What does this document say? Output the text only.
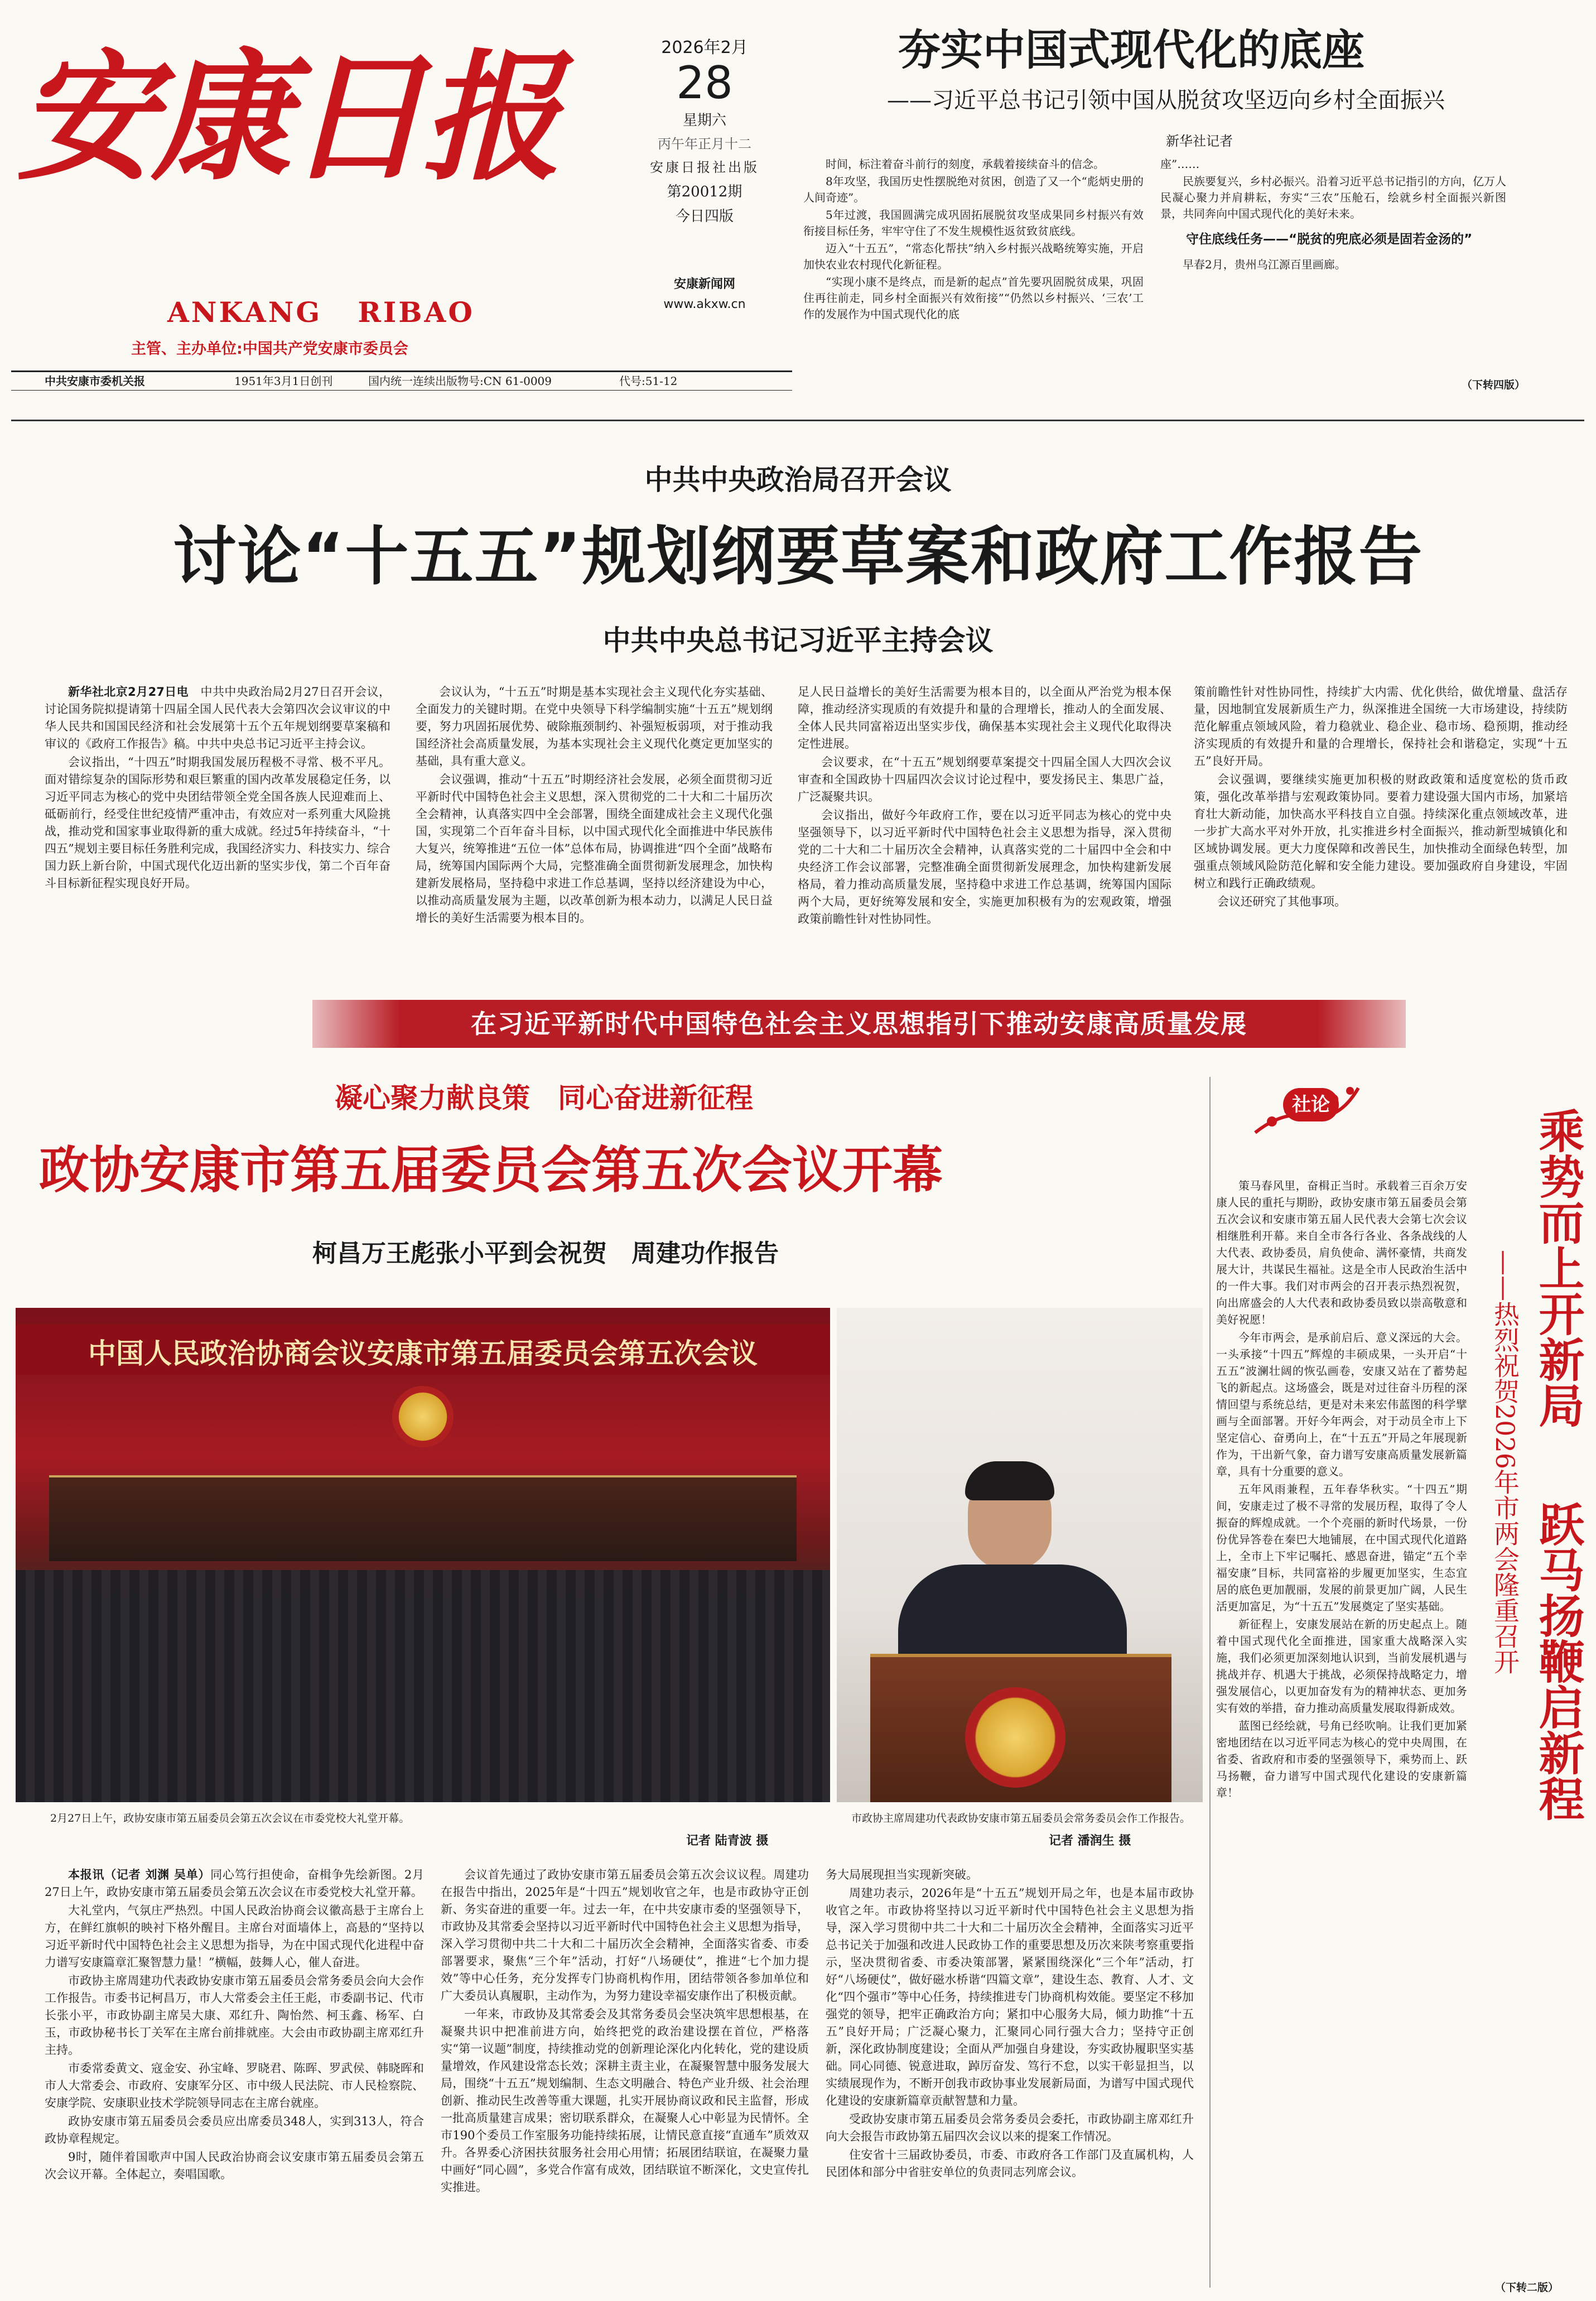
安康日报
ANKANG   RIBAO
主管、主办单位:中国共产党安康市委员会
2026年2月
28
星期六
丙午年正月十二
安康日报社出版
第20012期
今日四版
安康新闻网
www.akxw.cn
中共安康市委机关报	1951年3月1日创刊	国内统一连续出版物号:CN 61-0009	代号:51-12
夯实中国式现代化的底座
——习近平总书记引领中国从脱贫攻坚迈向乡村全面振兴
新华社记者

时间，标注着奋斗前行的刻度，承载着接续奋斗的信念。

8年攻坚，我国历史性摆脱绝对贫困，创造了又一个“彪炳史册的人间奇迹”。

5年过渡，我国圆满完成巩固拓展脱贫攻坚成果同乡村振兴有效衔接目标任务，牢牢守住了不发生规模性返贫致贫底线。

迈入“十五五”，“常态化帮扶”纳入乡村振兴战略统筹实施，开启加快农业农村现代化新征程。

“实现小康不是终点，而是新的起点”首先要巩固脱贫成果，巩固住再往前走，同乡村全面振兴有效衔接”“仍然以乡村振兴、‘三农’工作的发展作为中国式现代化的底

座”……

民族要复兴，乡村必振兴。沿着习近平总书记指引的方向，亿万人民凝心聚力并肩耕耘，夯实“三农”压舱石，绘就乡村全面振兴新图景，共同奔向中国式现代化的美好未来。

守住底线任务——“脱贫的兜底必须是固若金汤的”

早春2月，贵州乌江源百里画廊。

（下转四版）
中共中央政治局召开会议
讨论“十五五”规划纲要草案和政府工作报告
中共中央总书记习近平主持会议

新华社北京2月27日电　 中共中央政治局2月27日召开会议，讨论国务院拟提请第十四届全国人民代表大会第四次会议审议的中华人民共和国国民经济和社会发展第十五个五年规划纲要草案稿和审议的《政府工作报告》稿。中共中央总书记习近平主持会议。

会议指出，“十四五”时期我国发展历程极不寻常、极不平凡。面对错综复杂的国际形势和艰巨繁重的国内改革发展稳定任务，以习近平同志为核心的党中央团结带领全党全国各族人民迎难而上、砥砺前行，经受住世纪疫情严重冲击，有效应对一系列重大风险挑战，推动党和国家事业取得新的重大成就。经过5年持续奋斗，“十四五”规划主要目标任务胜利完成，我国经济实力、科技实力、综合国力跃上新台阶，中国式现代化迈出新的坚实步伐，第二个百年奋斗目标新征程实现良好开局。

会议认为，“十五五”时期是基本实现社会主义现代化夯实基础、全面发力的关键时期。在党中央领导下科学编制实施“十五五”规划纲要，努力巩固拓展优势、破除瓶颈制约、补强短板弱项，对于推动我国经济社会高质量发展，为基本实现社会主义现代化奠定更加坚实的基础，具有重大意义。

会议强调，推动“十五五”时期经济社会发展，必须全面贯彻习近平新时代中国特色社会主义思想，深入贯彻党的二十大和二十届历次全会精神，认真落实四中全会部署，围绕全面建成社会主义现代化强国，实现第二个百年奋斗目标，以中国式现代化全面推进中华民族伟大复兴，统筹推进“五位一体”总体布局，协调推进“四个全面”战略布局，统筹国内国际两个大局，完整准确全面贯彻新发展理念，加快构建新发展格局，坚持稳中求进工作总基调，坚持以经济建设为中心，以推动高质量发展为主题，以改革创新为根本动力，以满足人民日益增长的美好生活需要为根本目的。

足人民日益增长的美好生活需要为根本目的，以全面从严治党为根本保障，推动经济实现质的有效提升和量的合理增长，推动人的全面发展、全体人民共同富裕迈出坚实步伐，确保基本实现社会主义现代化取得决定性进展。

会议要求，在“十五五”规划纲要草案提交十四届全国人大四次会议审查和全国政协十四届四次会议讨论过程中，要发扬民主、集思广益，广泛凝聚共识。

会议指出，做好今年政府工作，要在以习近平同志为核心的党中央坚强领导下，以习近平新时代中国特色社会主义思想为指导，深入贯彻党的二十大和二十届历次全会精神，认真落实党的二十届四中全会和中央经济工作会议部署，完整准确全面贯彻新发展理念，加快构建新发展格局，着力推动高质量发展，坚持稳中求进工作总基调，统筹国内国际两个大局，更好统筹发展和安全，实施更加积极有为的宏观政策，增强政策前瞻性针对性协同性。

策前瞻性针对性协同性，持续扩大内需、优化供给，做优增量、盘活存量，因地制宜发展新质生产力，纵深推进全国统一大市场建设，持续防范化解重点领域风险，着力稳就业、稳企业、稳市场、稳预期，推动经济实现质的有效提升和量的合理增长，保持社会和谐稳定，实现“十五五”良好开局。

会议强调，要继续实施更加积极的财政政策和适度宽松的货币政策，强化改革举措与宏观政策协同。要着力建设强大国内市场，加紧培育壮大新动能，加快高水平科技自立自强。持续深化重点领域改革，进一步扩大高水平对外开放，扎实推进乡村全面振兴，推动新型城镇化和区域协调发展。更大力度保障和改善民生，加快推动全面绿色转型，加强重点领域风险防范化解和安全能力建设。要加强政府自身建设，牢固树立和践行正确政绩观。

会议还研究了其他事项。

在习近平新时代中国特色社会主义思想指引下推动安康高质量发展
凝心聚力献良策　同心奋进新征程
政协安康市第五届委员会第五次会议开幕
柯昌万王彪张小平到会祝贺　周建功作报告
中国人民政治协商会议安康市第五届委员会第五次会议
2月27日上午，政协安康市第五届委员会第五次会议在市委党校大礼堂开幕。
记者 陆青波 摄
市政协主席周建功代表政协安康市第五届委员会常务委员会作工作报告。
记者 潘润生 摄

本报讯（记者 刘渊 吴单）同心笃行担使命，奋楫争先绘新图。2月27日上午，政协安康市第五届委员会第五次会议在市委党校大礼堂开幕。

大礼堂内，气氛庄严热烈。中国人民政治协商会议徽高悬于主席台上方，在鲜红旗帜的映衬下格外醒目。主席台对面墙体上，高悬的“坚持以习近平新时代中国特色社会主义思想为指导，为在中国式现代化进程中奋力谱写安康篇章汇聚智慧力量！”横幅，鼓舞人心，催人奋进。

市政协主席周建功代表政协安康市第五届委员会常务委员会向大会作工作报告。市委书记柯昌万，市人大常委会主任王彪，市委副书记、代市长张小平，市政协副主席吴大康、邓红升、陶怡然、柯玉鑫、杨军、白玉，市政协秘书长丁关军在主席台前排就座。大会由市政协副主席邓红升主持。

市委常委黄文、寇金安、孙宝峰、罗晓君、陈晖、罗武侯、韩晓晖和市人大常委会、市政府、安康军分区、市中级人民法院、市人民检察院、安康学院、安康职业技术学院领导同志在主席台就座。

政协安康市第五届委员会委员应出席委员348人，实到313人，符合政协章程规定。

9时，随伴着国歌声中国人民政治协商会议安康市第五届委员会第五次会议开幕。全体起立，奏唱国歌。

会议首先通过了政协安康市第五届委员会第五次会议议程。周建功在报告中指出，2025年是“十四五”规划收官之年，也是市政协守正创新、务实奋进的重要一年。过去一年，在中共安康市委的坚强领导下，市政协及其常委会坚持以习近平新时代中国特色社会主义思想为指导，深入学习贯彻中共二十大和二十届历次全会精神，全面落实省委、市委部署要求，聚焦“三个年”活动，打好“八场硬仗”，推进“七个加力提效”等中心任务，充分发挥专门协商机构作用，团结带领各参加单位和广大委员认真履职，主动作为，为努力建设幸福安康作出了积极贡献。

一年来，市政协及其常委会及其常务委员会坚决筑牢思想根基，在凝聚共识中把准前进方向，始终把党的政治建设摆在首位，严格落实“第一议题”制度，持续推动党的创新理论深化内化转化，党的建设质量增效，作风建设常态长效；深耕主责主业，在凝聚智慧中服务发展大局，围绕“十五五”规划编制、生态文明融合、特色产业升级、社会治理创新、推动民生改善等重大课题，扎实开展协商议政和民主监督，形成一批高质量建言成果；密切联系群众，在凝聚人心中彰显为民情怀。全市190个委员工作室服务功能持续拓展，让情民意直接“直通车”质效双升。各界委心济困扶贫服务社会用心用情；拓展团结联谊，在凝聚力量中画好“同心圆”，多党合作富有成效，团结联谊不断深化，文史宣传扎实推进。

务大局展现担当实现新突破。

周建功表示，2026年是“十五五”规划开局之年，也是本届市政协收官之年。市政协将坚持以习近平新时代中国特色社会主义思想为指导，深入学习贯彻中共二十大和二十届历次全会精神，全面落实习近平总书记关于加强和改进人民政协工作的重要思想及历次来陕考察重要指示，坚决贯彻省委、市委决策部署，紧紧围绕深化“三个年”活动，打好“八场硬仗”，做好磁水桥谐“四篇文章”，建设生态、教育、人才、文化“四个强市”等中心任务，持续推进专门协商机构效能。要坚定不移加强党的领导，把牢正确政治方向；紧扣中心服务大局，倾力助推“十五五”良好开局；广泛凝心聚力，汇聚同心同行强大合力；坚持守正创新，深化政协制度建设；全面从严加强自身建设，夯实政协履职坚实基础。同心同德、锐意进取，踔厉奋发、笃行不怠，以实干彰显担当，以实绩展现作为，不断开创我市政协事业发展新局面，为谱写中国式现代化建设的安康新篇章贡献智慧和力量。

受政协安康市第五届委员会常务委员会委托，市政协副主席邓红升向大会报告市政协第五届四次会议以来的提案工作情况。

住安省十三届政协委员，市委、市政府各工作部门及直属机构，人民团体和部分中省驻安单位的负责同志列席会议。

社论

策马春风里，奋楫正当时。承载着三百余万安康人民的重托与期盼，政协安康市第五届委员会第五次会议和安康市第五届人民代表大会第七次会议相继胜利开幕。来自全市各行各业、各条战线的人大代表、政协委员，肩负使命、满怀豪情，共商发展大计，共谋民生福祉。这是全市人民政治生活中的一件大事。我们对市两会的召开表示热烈祝贺，向出席盛会的人大代表和政协委员致以崇高敬意和美好祝愿！

今年市两会，是承前启后、意义深远的大会。一头承接“十四五”辉煌的丰硕成果，一头开启“十五五”波澜壮阔的恢弘画卷，安康又站在了蓄势起飞的新起点。这场盛会，既是对过往奋斗历程的深情回望与系统总结，更是对未来宏伟蓝图的科学擘画与全面部署。开好今年两会，对于动员全市上下坚定信心、奋勇向上，在“十五五”开局之年展现新作为，干出新气象，奋力谱写安康高质量发展新篇章，具有十分重要的意义。

五年风雨兼程，五年春华秋实。“十四五”期间，安康走过了极不寻常的发展历程，取得了令人振奋的辉煌成就。一个个亮丽的新时代场景，一份份优异答卷在秦巴大地铺展，在中国式现代化道路上，全市上下牢记嘱托、感恩奋进，锚定“五个幸福安康”目标，共同富裕的步履更加坚实，生态宜居的底色更加靓丽，发展的前景更加广阔，人民生活更加富足，为“十五五”发展奠定了坚实基础。

新征程上，安康发展站在新的历史起点上。随着中国式现代化全面推进，国家重大战略深入实施，我们必须更加深刻地认识到，当前发展机遇与挑战并存、机遇大于挑战，必须保持战略定力，增强发展信心，以更加奋发有为的精神状态、更加务实有效的举措，奋力推动高质量发展取得新成效。

蓝图已经绘就，号角已经吹响。让我们更加紧密地团结在以习近平同志为核心的党中央周围，在省委、省政府和市委的坚强领导下，乘势而上、跃马扬鞭，奋力谱写中国式现代化建设的安康新篇章！

（下转二版）
乘势而上开新局
跃马扬鞭启新程
——热烈祝贺2026年市两会隆重召开
